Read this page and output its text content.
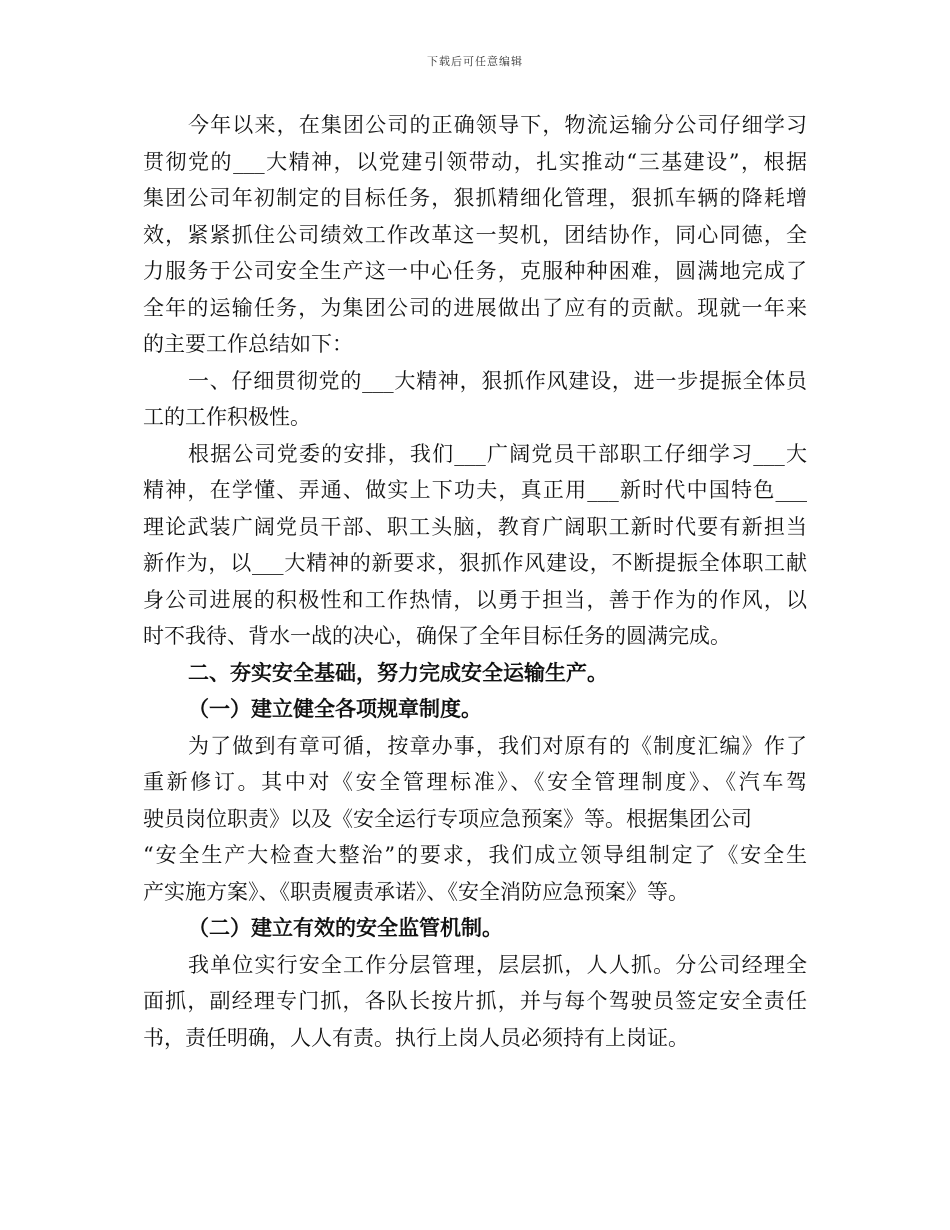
下载后可任意编辑
今年以来，在集团公司的正确领导下，物流运输分公司仔细学习
贯彻党的___大精神，以党建引领带动，扎实推动“三基建设”，根据
集团公司年初制定的目标任务，狠抓精细化管理，狠抓车辆的降耗增
效，紧紧抓住公司绩效工作改革这一契机，团结协作，同心同德，全
力服务于公司安全生产这一中心任务，克服种种困难，圆满地完成了
全年的运输任务，为集团公司的进展做出了应有的贡献。现就一年来
的主要工作总结如下：
一、仔细贯彻党的___大精神，狠抓作风建设，进一步提振全体员
工的工作积极性。
根据公司党委的安排，我们___广阔党员干部职工仔细学习___大
精神，在学懂、弄通、做实上下功夫，真正用___新时代中国特色___
理论武装广阔党员干部、职工头脑，教育广阔职工新时代要有新担当
新作为，以___大精神的新要求，狠抓作风建设，不断提振全体职工献
身公司进展的积极性和工作热情，以勇于担当，善于作为的作风，以
时不我待、背水一战的决心，确保了全年目标任务的圆满完成。
二、夯实安全基础，努力完成安全运输生产。
（一）建立健全各项规章制度。
为了做到有章可循，按章办事，我们对原有的《制度汇编》作了
重新修订。其中对《安全管理标准》、《安全管理制度》、《汽车驾
驶员岗位职责》以及《安全运行专项应急预案》等。根据集团公司
“安全生产大检查大整治”的要求，我们成立领导组制定了《安全生
产实施方案》、《职责履责承诺》、《安全消防应急预案》等。
（二）建立有效的安全监管机制。
我单位实行安全工作分层管理，层层抓，人人抓。分公司经理全
面抓，副经理专门抓，各队长按片抓，并与每个驾驶员签定安全责任
书，责任明确，人人有责。执行上岗人员必须持有上岗证。
